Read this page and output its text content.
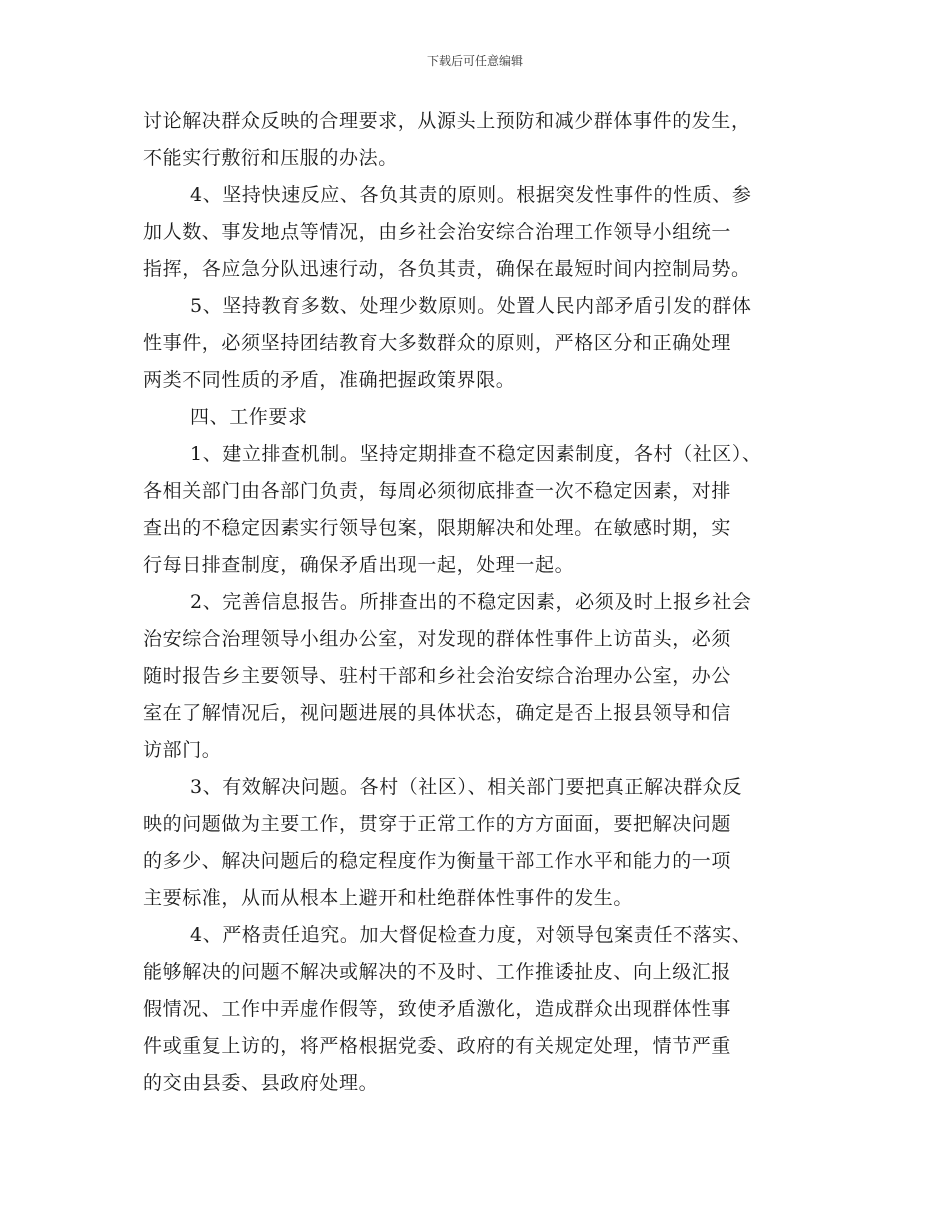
下载后可任意编辑
讨论解决群众反映的合理要求，从源头上预防和减少群体事件的发生，
不能实行敷衍和压服的办法。
4、坚持快速反应、各负其责的原则。根据突发性事件的性质、参
加人数、事发地点等情况，由乡社会治安综合治理工作领导小组统一
指挥，各应急分队迅速行动，各负其责，确保在最短时间内控制局势。
5、坚持教育多数、处理少数原则。处置人民内部矛盾引发的群体
性事件，必须坚持团结教育大多数群众的原则，严格区分和正确处理
两类不同性质的矛盾，准确把握政策界限。
四、工作要求
1、建立排查机制。坚持定期排查不稳定因素制度，各村（社区）、
各相关部门由各部门负责，每周必须彻底排查一次不稳定因素，对排
查出的不稳定因素实行领导包案，限期解决和处理。在敏感时期，实
行每日排查制度，确保矛盾出现一起，处理一起。
2、完善信息报告。所排查出的不稳定因素，必须及时上报乡社会
治安综合治理领导小组办公室，对发现的群体性事件上访苗头，必须
随时报告乡主要领导、驻村干部和乡社会治安综合治理办公室，办公
室在了解情况后，视问题进展的具体状态，确定是否上报县领导和信
访部门。
3、有效解决问题。各村（社区）、相关部门要把真正解决群众反
映的问题做为主要工作，贯穿于正常工作的方方面面，要把解决问题
的多少、解决问题后的稳定程度作为衡量干部工作水平和能力的一项
主要标准，从而从根本上避开和杜绝群体性事件的发生。
4、严格责任追究。加大督促检查力度，对领导包案责任不落实、
能够解决的问题不解决或解决的不及时、工作推诿扯皮、向上级汇报
假情况、工作中弄虚作假等，致使矛盾激化，造成群众出现群体性事
件或重复上访的，将严格根据党委、政府的有关规定处理，情节严重
的交由县委、县政府处理。
